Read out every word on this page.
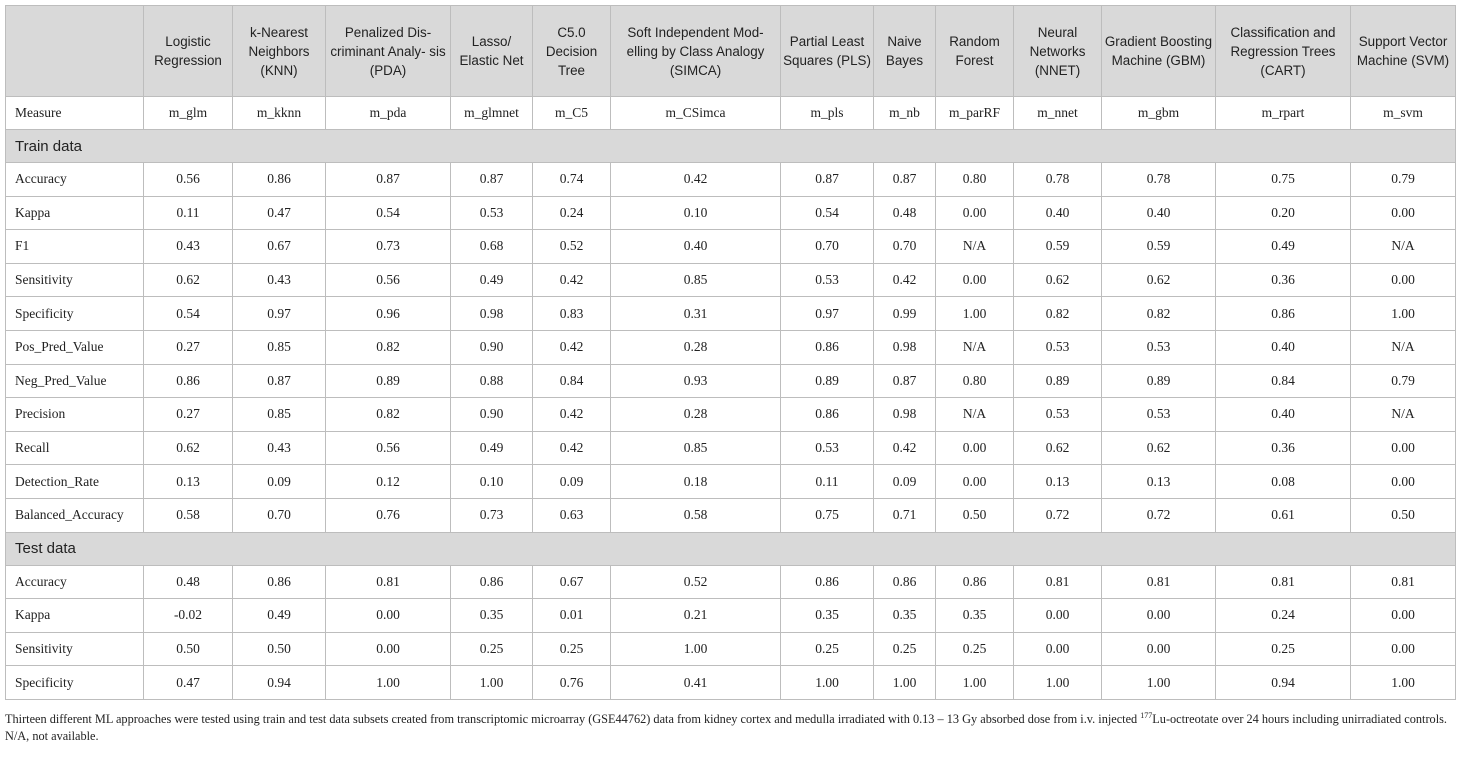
	Logistic Regression	k-Nearest Neighbors (KNN)	Penalized Dis- criminant Analy- sis (PDA)	Lasso/ Elastic Net	C5.0 Decision Tree	Soft Independent Mod- elling by Class Analogy (SIMCA)	Partial Least Squares (PLS)	Naive Bayes	Random Forest	Neural Networks (NNET)	Gradient Boosting Machine (GBM)	Classification and Regression Trees (CART)	Support Vector Machine (SVM)
Measure	m_glm	m_kknn	m_pda	m_glmnet	m_C5	m_CSimca	m_pls	m_nb	m_parRF	m_nnet	m_gbm	m_rpart	m_svm
Train data													
Accuracy	0.56	0.86	0.87	0.87	0.74	0.42	0.87	0.87	0.80	0.78	0.78	0.75	0.79
Kappa	0.11	0.47	0.54	0.53	0.24	0.10	0.54	0.48	0.00	0.40	0.40	0.20	0.00
F1	0.43	0.67	0.73	0.68	0.52	0.40	0.70	0.70	N/A	0.59	0.59	0.49	N/A
Sensitivity	0.62	0.43	0.56	0.49	0.42	0.85	0.53	0.42	0.00	0.62	0.62	0.36	0.00
Specificity	0.54	0.97	0.96	0.98	0.83	0.31	0.97	0.99	1.00	0.82	0.82	0.86	1.00
Pos_Pred_Value	0.27	0.85	0.82	0.90	0.42	0.28	0.86	0.98	N/A	0.53	0.53	0.40	N/A
Neg_Pred_Value	0.86	0.87	0.89	0.88	0.84	0.93	0.89	0.87	0.80	0.89	0.89	0.84	0.79
Precision	0.27	0.85	0.82	0.90	0.42	0.28	0.86	0.98	N/A	0.53	0.53	0.40	N/A
Recall	0.62	0.43	0.56	0.49	0.42	0.85	0.53	0.42	0.00	0.62	0.62	0.36	0.00
Detection_Rate	0.13	0.09	0.12	0.10	0.09	0.18	0.11	0.09	0.00	0.13	0.13	0.08	0.00
Balanced_Accuracy	0.58	0.70	0.76	0.73	0.63	0.58	0.75	0.71	0.50	0.72	0.72	0.61	0.50
Test data													
Accuracy	0.48	0.86	0.81	0.86	0.67	0.52	0.86	0.86	0.86	0.81	0.81	0.81	0.81
Kappa	-0.02	0.49	0.00	0.35	0.01	0.21	0.35	0.35	0.35	0.00	0.00	0.24	0.00
Sensitivity	0.50	0.50	0.00	0.25	0.25	1.00	0.25	0.25	0.25	0.00	0.00	0.25	0.00
Specificity	0.47	0.94	1.00	1.00	0.76	0.41	1.00	1.00	1.00	1.00	1.00	0.94	1.00

Thirteen different ML approaches were tested using train and test data subsets created from transcriptomic microarray (GSE44762) data from kidney cortex and medulla irradiated with 0.13 – 13 Gy absorbed dose from i.v. injected $^{177}$Lu-octreotate over 24 hours including unirradiated controls.

N/A, not available.
